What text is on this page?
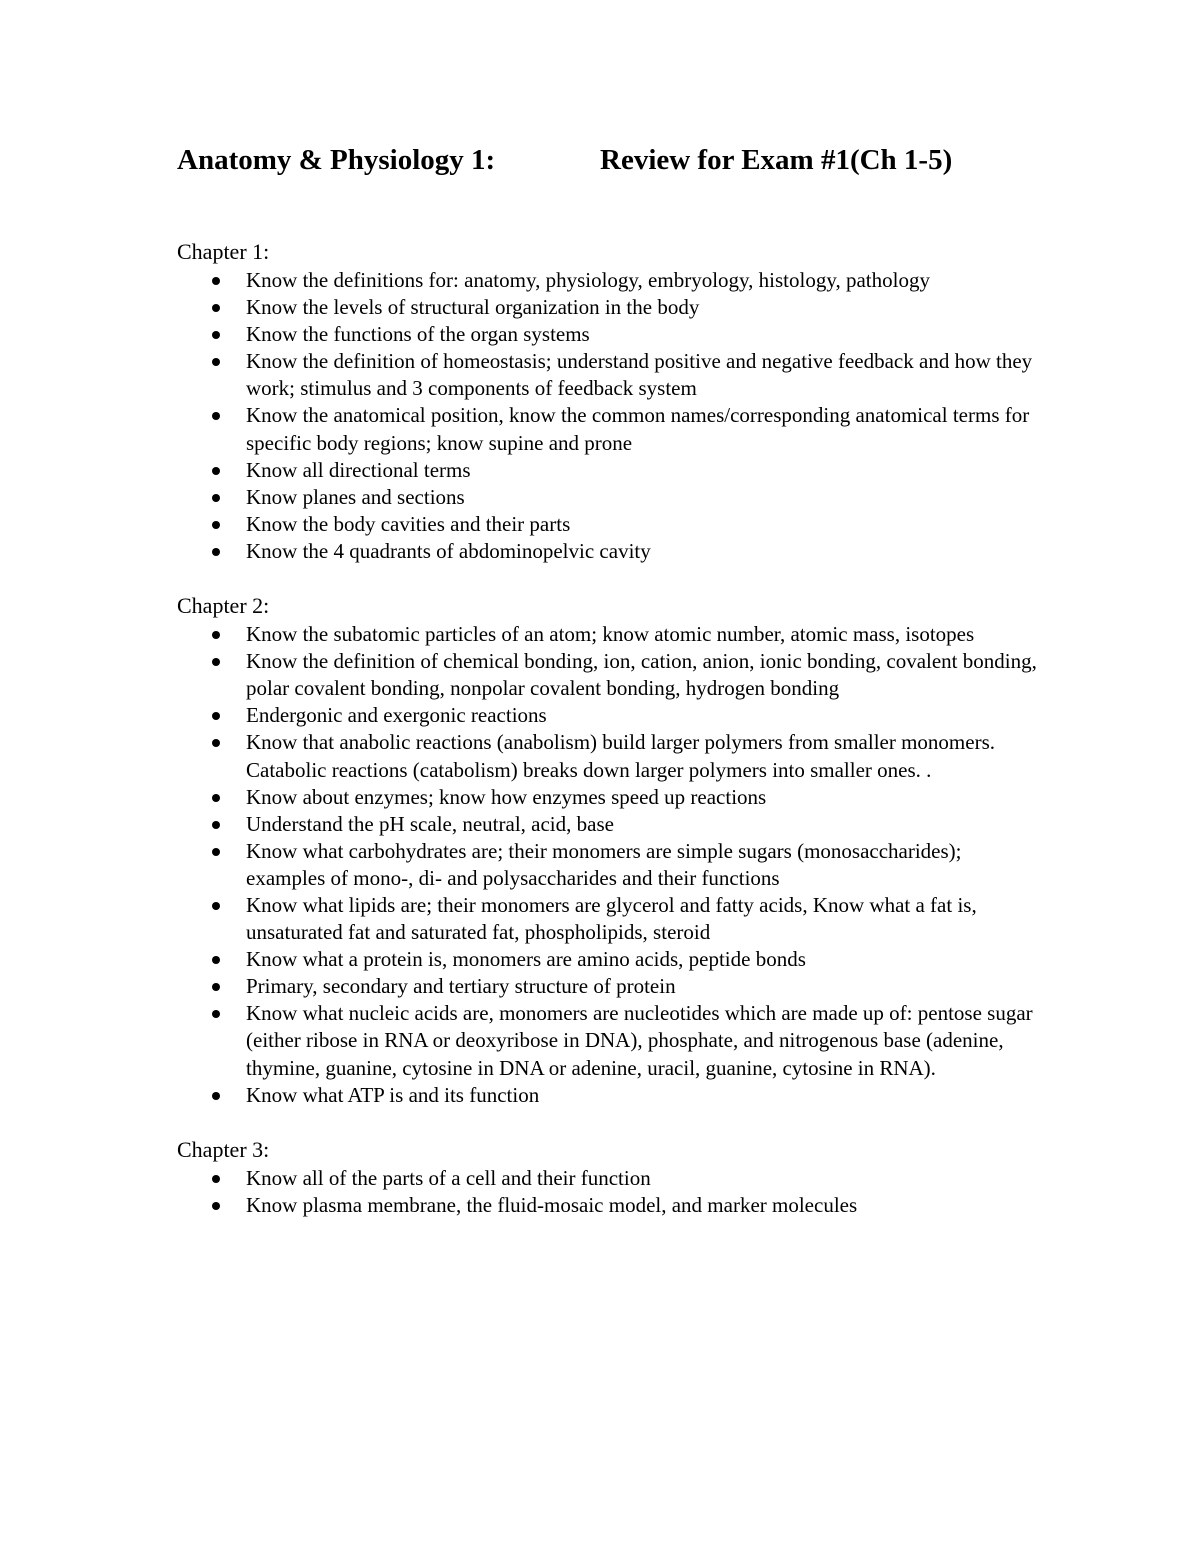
Anatomy & Physiology 1:	Review for Exam #1(Ch 1-5)
Chapter 1:
Know the definitions for: anatomy, physiology, embryology, histology, pathology
Know the levels of structural organization in the body
Know the functions of the organ systems
Know the definition of homeostasis; understand positive and negative feedback and how they work; stimulus and 3 components of feedback system
Know the anatomical position, know the common names/corresponding anatomical terms for specific body regions; know supine and prone
Know all directional terms
Know planes and sections
Know the body cavities and their parts
Know the 4 quadrants of abdominopelvic cavity
Chapter 2:
Know the subatomic particles of an atom; know atomic number, atomic mass, isotopes
Know the definition of chemical bonding, ion, cation, anion, ionic bonding, covalent bonding, polar covalent bonding, nonpolar covalent bonding, hydrogen bonding
Endergonic and exergonic reactions
Know that anabolic reactions (anabolism) build larger polymers from smaller monomers. Catabolic reactions (catabolism) breaks down larger polymers into smaller ones. .
Know about enzymes; know how enzymes speed up reactions
Understand the pH scale, neutral, acid, base
Know what carbohydrates are; their monomers are simple sugars (monosaccharides); examples of mono-, di- and polysaccharides and their functions
Know what lipids are; their monomers are glycerol and fatty acids, Know what a fat is, unsaturated fat and saturated fat, phospholipids, steroid
Know what a protein is, monomers are amino acids, peptide bonds
Primary, secondary and tertiary structure of protein
Know what nucleic acids are, monomers are nucleotides which are made up of: pentose sugar (either ribose in RNA or deoxyribose in DNA), phosphate, and nitrogenous base (adenine, thymine, guanine, cytosine in DNA or adenine, uracil, guanine, cytosine in RNA).
Know what ATP is and its function
Chapter 3:
Know all of the parts of a cell and their function
Know plasma membrane, the fluid-mosaic model, and marker molecules
